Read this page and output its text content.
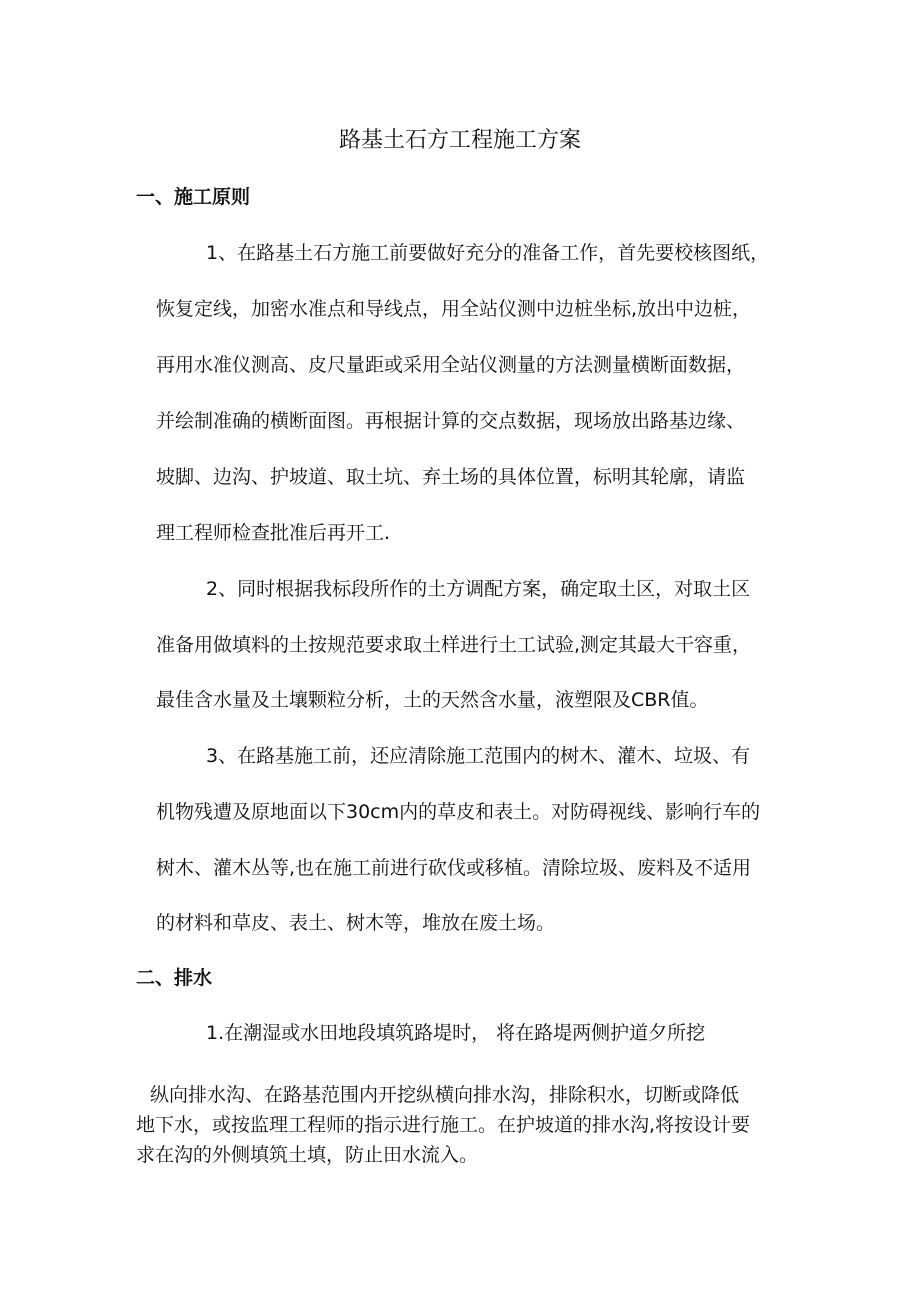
路基土石方工程施工方案
一、施工原则
1、在路基土石方施工前要做好充分的准备工作，首先要校核图纸，
恢复定线，加密水准点和导线点，用全站仪测中边桩坐标,放出中边桩，
再用水准仪测高、皮尺量距或采用全站仪测量的方法测量横断面数据，
并绘制准确的横断面图。再根据计算的交点数据，现场放出路基边缘、
坡脚、边沟、护坡道、取土坑、弃土场的具体位置，标明其轮廓，请监
理工程师检查批准后再开工.
2、同时根据我标段所作的土方调配方案，确定取土区，对取土区
准备用做填料的土按规范要求取土样进行土工试验,测定其最大干容重，
最佳含水量及土壤颗粒分析，土的天然含水量，液塑限及CBR值。
3、在路基施工前，还应清除施工范围内的树木、灌木、垃圾、有
机物残遭及原地面以下30cm内的草皮和表土。对防碍视线、影响行车的
树木、灌木丛等,也在施工前进行砍伐或移植。清除垃圾、废料及不适用
的材料和草皮、表土、树木等，堆放在废土场。
二、排水
1.在潮湿或水田地段填筑路堤时， 将在路堤两侧护道夕所挖
纵向排水沟、在路基范围内开挖纵横向排水沟，排除积水，切断或降低
地下水，或按监理工程师的指示进行施工。在护坡道的排水沟,将按设计要
求在沟的外侧填筑土填，防止田水流入。
